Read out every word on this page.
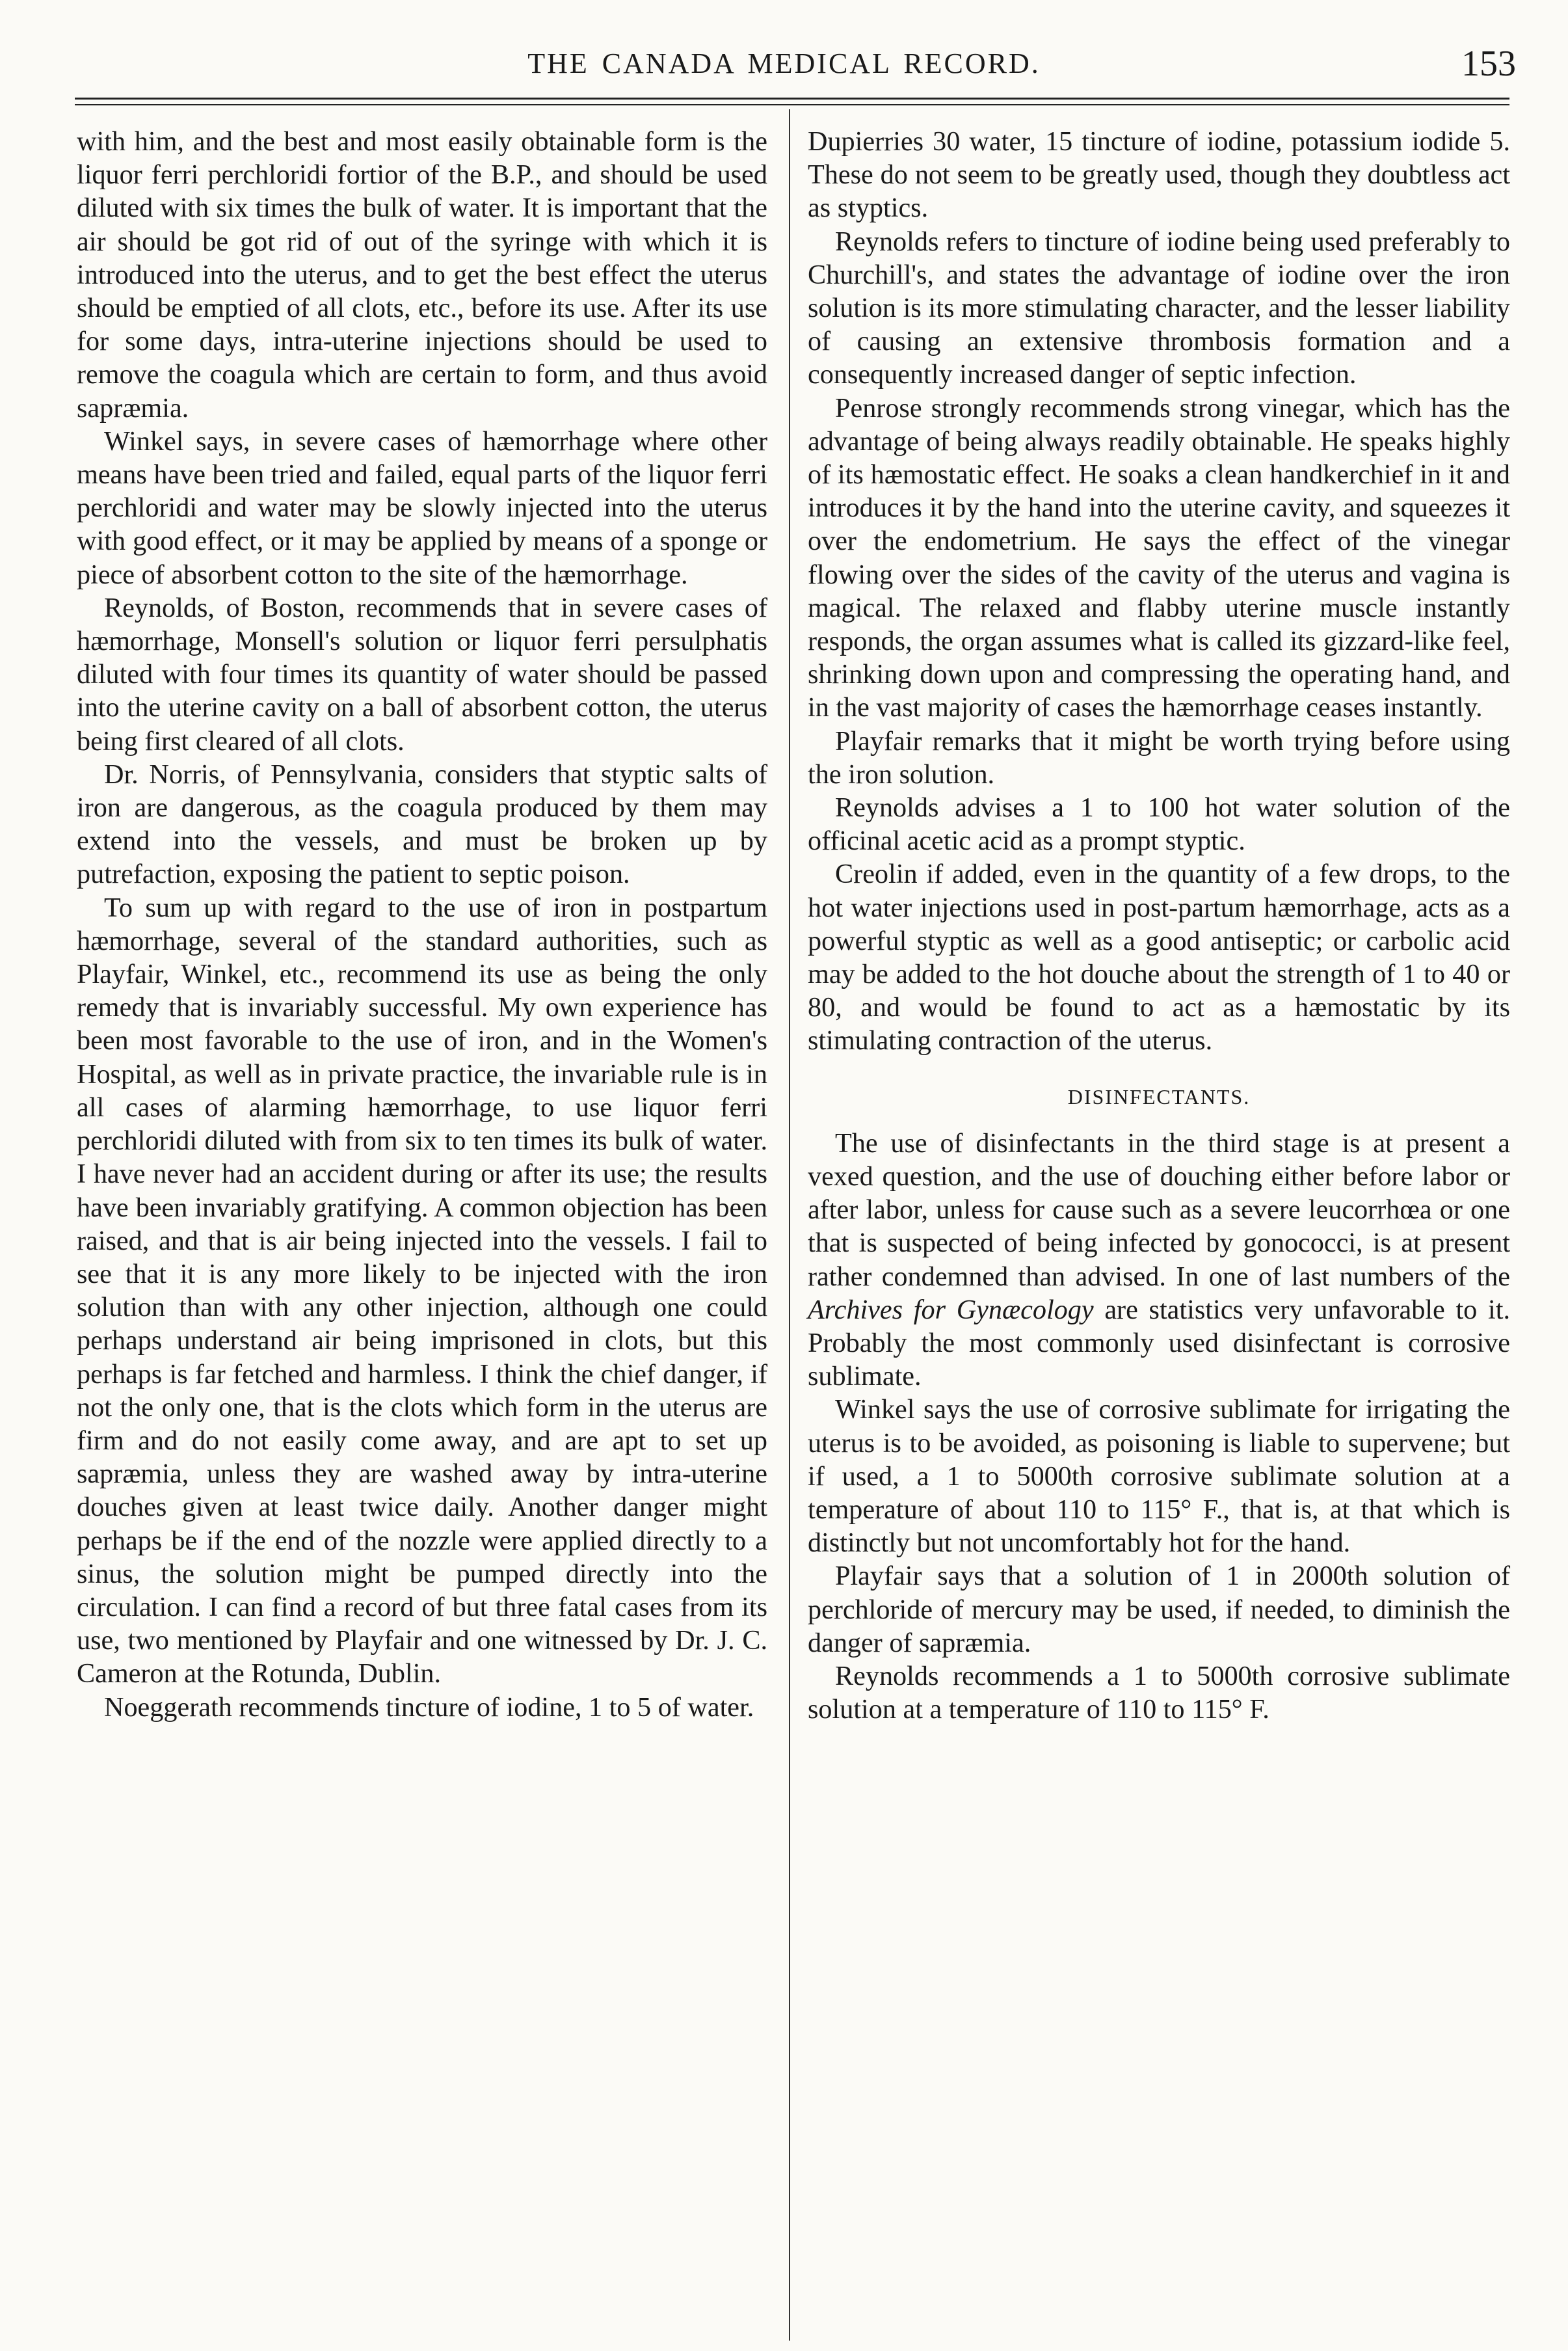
THE CANADA MEDICAL RECORD.	153

with him, and the best and most easily obtainable form is the liquor ferri perchloridi fortior of the B.P., and should be used diluted with six times the bulk of water. It is important that the air should be got rid of out of the syringe with which it is introduced into the uterus, and to get the best effect the uterus should be emptied of all clots, etc., before its use. After its use for some days, intra-uterine injections should be used to remove the coagula which are certain to form, and thus avoid sapræmia.

Winkel says, in severe cases of hæmorrhage where other means have been tried and failed, equal parts of the liquor ferri perchloridi and water may be slowly injected into the uterus with good effect, or it may be applied by means of a sponge or piece of absorbent cotton to the site of the hæmorrhage.

Reynolds, of Boston, recommends that in severe cases of hæmorrhage, Monsell's solution or liquor ferri persulphatis diluted with four times its quantity of water should be passed into the uterine cavity on a ball of absorbent cotton, the uterus being first cleared of all clots.

Dr. Norris, of Pennsylvania, considers that styptic salts of iron are dangerous, as the coagula produced by them may extend into the vessels, and must be broken up by putrefaction, exposing the patient to septic poison.

To sum up with regard to the use of iron in postpartum hæmorrhage, several of the standard authorities, such as Playfair, Winkel, etc., recommend its use as being the only remedy that is invariably successful. My own experience has been most favorable to the use of iron, and in the Women's Hospital, as well as in private practice, the invariable rule is in all cases of alarming hæmorrhage, to use liquor ferri perchloridi diluted with from six to ten times its bulk of water. I have never had an accident during or after its use; the results have been invariably gratifying. A common objection has been raised, and that is air being injected into the vessels. I fail to see that it is any more likely to be injected with the iron solution than with any other injection, although one could perhaps understand air being imprisoned in clots, but this perhaps is far fetched and harmless. I think the chief danger, if not the only one, that is the clots which form in the uterus are firm and do not easily come away, and are apt to set up sapræmia, unless they are washed away by intra-uterine douches given at least twice daily. Another danger might perhaps be if the end of the nozzle were applied directly to a sinus, the solution might be pumped directly into the circulation. I can find a record of but three fatal cases from its use, two mentioned by Playfair and one witnessed by Dr. J. C. Cameron at the Rotunda, Dublin.

Noeggerath recommends tincture of iodine, 1 to 5 of water.

Dupierries 30 water, 15 tincture of iodine, potassium iodide 5. These do not seem to be greatly used, though they doubtless act as styptics.

Reynolds refers to tincture of iodine being used preferably to Churchill's, and states the advantage of iodine over the iron solution is its more stimulating character, and the lesser liability of causing an extensive thrombosis formation and a consequently increased danger of septic infection.

Penrose strongly recommends strong vinegar, which has the advantage of being always readily obtainable. He speaks highly of its hæmostatic effect. He soaks a clean handkerchief in it and introduces it by the hand into the uterine cavity, and squeezes it over the endometrium. He says the effect of the vinegar flowing over the sides of the cavity of the uterus and vagina is magical. The relaxed and flabby uterine muscle instantly responds, the organ assumes what is called its gizzard-like feel, shrinking down upon and compressing the operating hand, and in the vast majority of cases the hæmorrhage ceases instantly.

Playfair remarks that it might be worth trying before using the iron solution.

Reynolds advises a 1 to 100 hot water solution of the officinal acetic acid as a prompt styptic.

Creolin if added, even in the quantity of a few drops, to the hot water injections used in post-partum hæmorrhage, acts as a powerful styptic as well as a good antiseptic; or carbolic acid may be added to the hot douche about the strength of 1 to 40 or 80, and would be found to act as a hæmostatic by its stimulating contraction of the uterus.

DISINFECTANTS.

The use of disinfectants in the third stage is at present a vexed question, and the use of douching either before labor or after labor, unless for cause such as a severe leucorrhœa or one that is suspected of being infected by gonococci, is at present rather condemned than advised. In one of last numbers of the Archives for Gynæcology are statistics very unfavorable to it. Probably the most commonly used disinfectant is corrosive sublimate.

Winkel says the use of corrosive sublimate for irrigating the uterus is to be avoided, as poisoning is liable to supervene; but if used, a 1 to 5000th corrosive sublimate solution at a temperature of about 110 to 115° F., that is, at that which is distinctly but not uncomfortably hot for the hand.

Playfair says that a solution of 1 in 2000th solution of perchloride of mercury may be used, if needed, to diminish the danger of sapræmia.

Reynolds recommends a 1 to 5000th corrosive sublimate solution at a temperature of 110 to 115° F.
